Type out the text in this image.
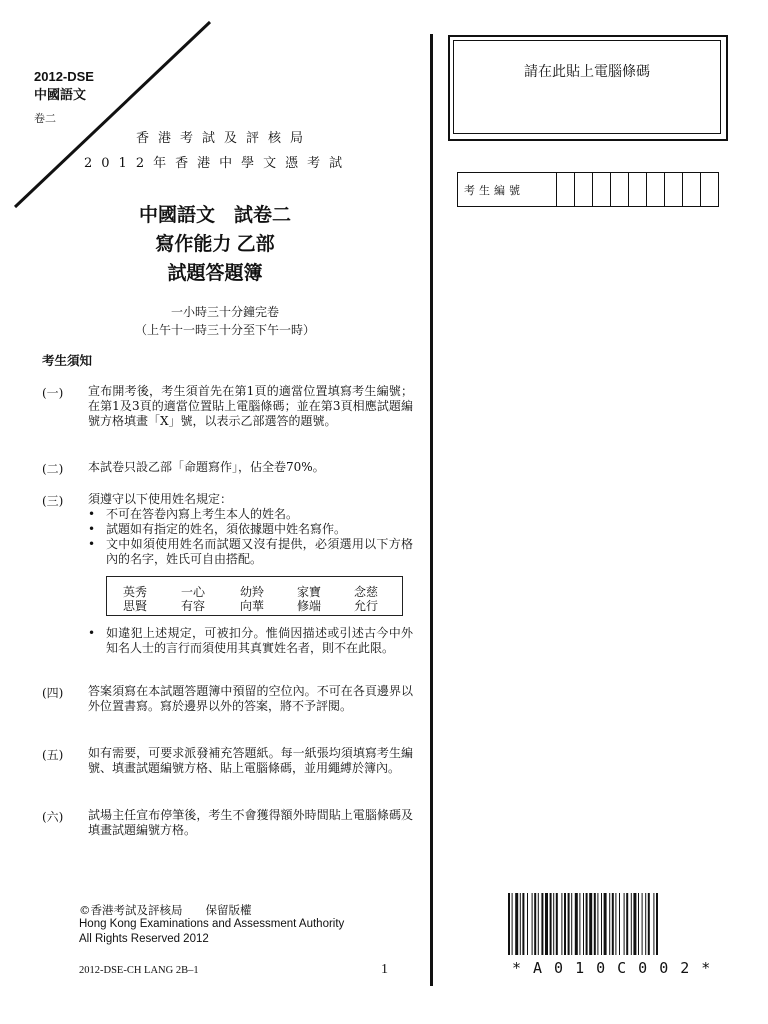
2012-DSE
中國語文
卷二
香港考試及評核局
2012年香港中學文憑考試
中國語文　試卷二
寫作能力 乙部
試題答題簿
一小時三十分鐘完卷
（上午十一時三十分至下午一時）
考生須知
(一) 宣布開考後，考生須首先在第1頁的適當位置填寫考生編號；在第1及3頁的適當位置貼上電腦條碼；並在第3頁相應試題編號方格填畫「X」號，以表示乙部選答的題號。
(二) 本試卷只設乙部「命題寫作」，佔全卷70%。
(三) 須遵守以下使用姓名規定：
• 不可在答卷內寫上考生本人的姓名。
• 試題如有指定的姓名，須依據題中姓名寫作。
• 文中如須使用姓名而試題又沒有提供，必須選用以下方格內的名字，姓氏可自由搭配。
英秀	一心	幼羚	家寶	念慈
思賢	有容	向華	修端	允行
• 如違犯上述規定，可被扣分。惟倘因描述或引述古今中外知名人士的言行而須使用其真實姓名者，則不在此限。
(四) 答案須寫在本試題答題簿中預留的空位內。不可在各頁邊界以外位置書寫。寫於邊界以外的答案，將不予評閱。
(五) 如有需要，可要求派發補充答題紙。每一紙張均須填寫考生編號、填畫試題編號方格、貼上電腦條碼，並用繩縛於簿內。
(六) 試場主任宣布停筆後，考生不會獲得額外時間貼上電腦條碼及填畫試題編號方格。
©香港考試及評核局　　保留版權
Hong Kong Examinations and Assessment Authority
All Rights Reserved 2012
2012-DSE-CH LANG 2B–1	1
請在此貼上電腦條碼
考生編號
*A010C002*
